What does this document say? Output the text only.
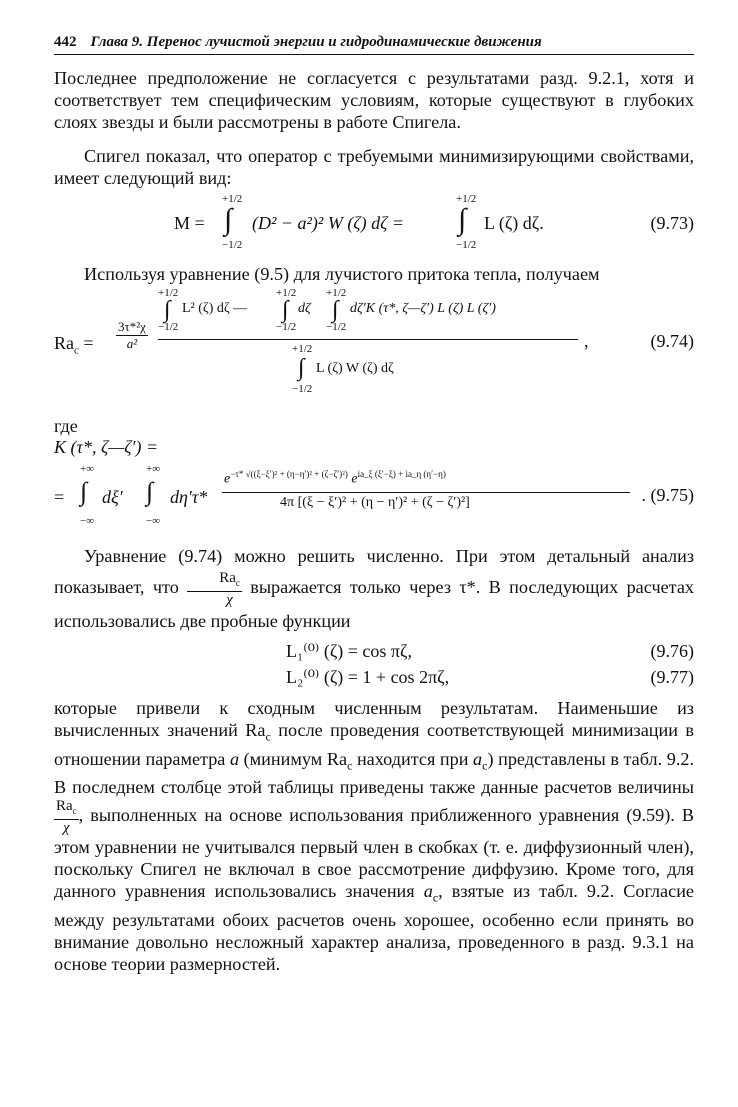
442 Глава 9. Перенос лучистой энергии и гидродинамические движения

Последнее предположение не согласуется с результатами разд. 9.2.1, хотя и соответствует тем специфическим условиям, которые существуют в глубоких слоях звезды и были рассмотрены в работе Спигела.

Спигел показал, что оператор с требуемыми минимизирующими свойствами, имеет следующий вид:

M =
+1/2
∫
−1/2
(D² − a²)² W (ζ) dζ =
+1/2
∫
−1/2
L (ζ) dζ.	(9.73)

Используя уравнение (9.5) для лучистого притока тепла, получаем

$Ra_c = \frac{\text{3τ*²χ}}{\text{a²}}$
+1/2
∫
−1/2
L² (ζ) dζ —
+1/2
∫
−1/2
dζ
+1/2
∫
−1/2
dζ′K (τ*, ζ—ζ′) L (ζ) L (ζ′)
,
+1/2
∫
−1/2
L (ζ) W (ζ) dζ
(9.74)

где

K (τ*, ζ—ζ′) =
+∞
= ∫
−∞
dξ′
+∞
∫
−∞
dη′τ*
$e^{-\tau* √((\xi-\xi')^2 + (\eta-\eta')^2 + (\zeta-\zeta')^2)}$ $e^{ia\_\xi (\xi'-\xi) + ia\_\eta (\eta'-\eta)}$
4π [(ξ − ξ′)² + (η − η′)² + (ζ − ζ′)²]	. (9.75)

Уравнение (9.74) можно решить численно. При этом детальный анализ показывает, что $\frac{Ra_c}{\chi}$ выражается только через τ*. В последующих расчетах использовались две пробные функции

L₁⁽⁰⁾ (ζ) = cos πζ,	(9.76)
L₂⁽⁰⁾ (ζ) = 1 + cos 2πζ,	(9.77)

которые привели к сходным численным результатам. Наименьшие из вычисленных значений $Ra_c$ после проведения соответствующей минимизации в отношении параметра a (минимум $Ra_c$ находится при $a_c$) представлены в табл. 9.2. В последнем столбце этой таблицы приведены также данные расчетов величины
$\frac{Ra_c}{\chi}$ , выполненных на основе использования приближенного уравнения (9.59). В этом уравнении не учитывался первый член в скобках (т. е. диффузионный член), поскольку Спигел не включал в свое рассмотрение диффузию. Кроме того, для данного уравнения использовались значения $a_c$, взятые из табл. 9.2. Согласие между результатами обоих расчетов очень хорошее, особенно если принять во внимание довольно несложный характер анализа, проведенного в разд. 9.3.1 на основе теории размерностей.
